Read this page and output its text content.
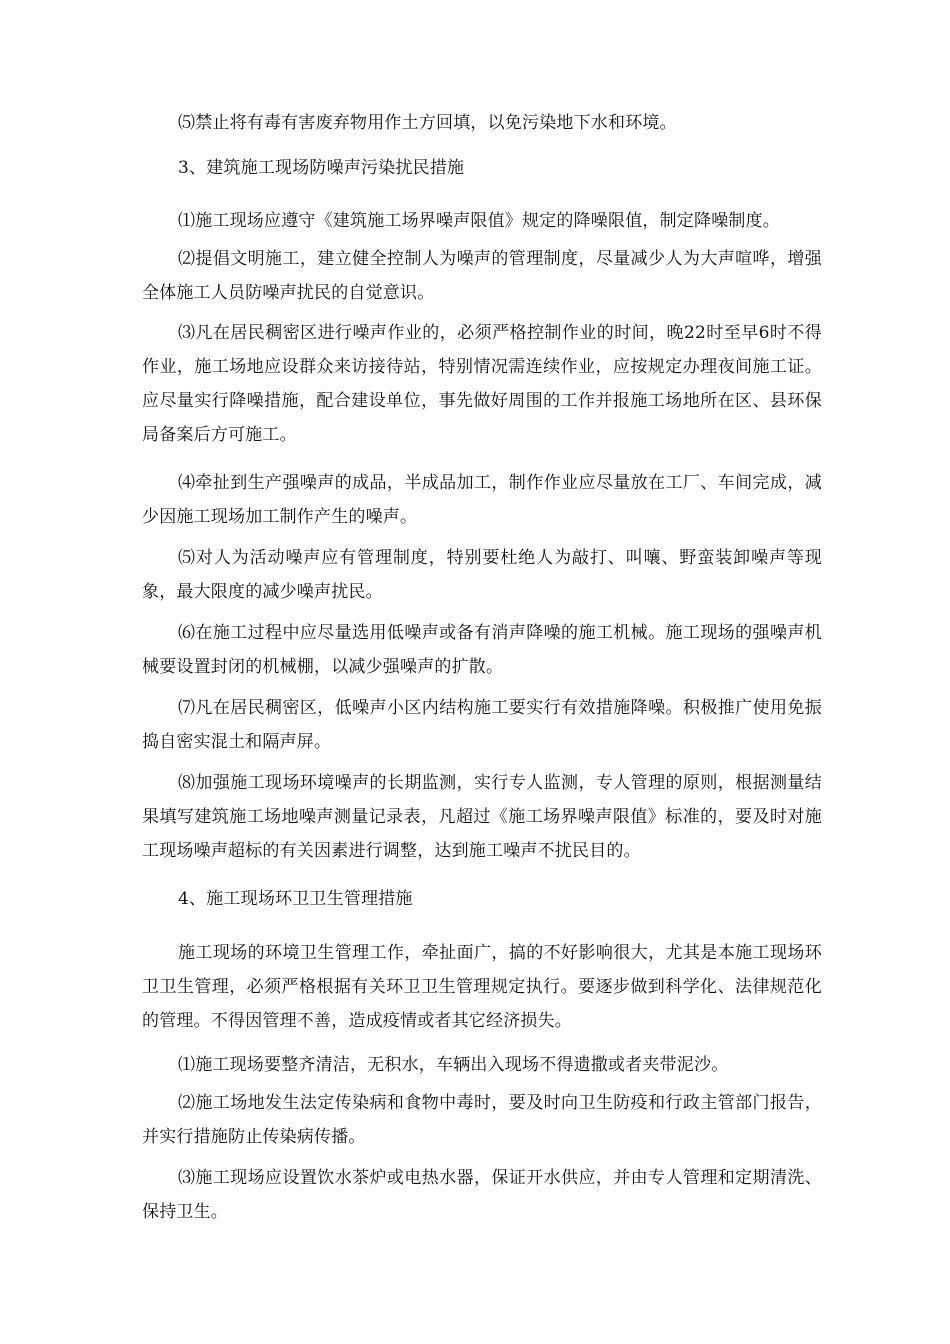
⑸禁止将有毒有害废弃物用作土方回填，以免污染地下水和环境。

3、建筑施工现场防噪声污染扰民措施

⑴施工现场应遵守《建筑施工场界噪声限值》规定的降噪限值，制定降噪制度。

⑵提倡文明施工，建立健全控制人为噪声的管理制度，尽量减少人为大声喧哗，增强全体施工人员防噪声扰民的自觉意识。

⑶凡在居民稠密区进行噪声作业的，必须严格控制作业的时间，晚22时至早6时不得作业，施工场地应设群众来访接待站，特别情况需连续作业，应按规定办理夜间施工证。应尽量实行降噪措施，配合建设单位，事先做好周围的工作并报施工场地所在区、县环保局备案后方可施工。

⑷牵扯到生产强噪声的成品，半成品加工，制作作业应尽量放在工厂、车间完成，减少因施工现场加工制作产生的噪声。

⑸对人为活动噪声应有管理制度，特别要杜绝人为敲打、叫嚷、野蛮装卸噪声等现象，最大限度的减少噪声扰民。

⑹在施工过程中应尽量选用低噪声或备有消声降噪的施工机械。施工现场的强噪声机械要设置封闭的机械棚，以减少强噪声的扩散。

⑺凡在居民稠密区，低噪声小区内结构施工要实行有效措施降噪。积极推广使用免振捣自密实混土和隔声屏。

⑻加强施工现场环境噪声的长期监测，实行专人监测，专人管理的原则，根据测量结果填写建筑施工场地噪声测量记录表，凡超过《施工场界噪声限值》标准的，要及时对施工现场噪声超标的有关因素进行调整，达到施工噪声不扰民目的。

4、施工现场环卫卫生管理措施

施工现场的环境卫生管理工作，牵扯面广，搞的不好影响很大，尤其是本施工现场环卫卫生管理，必须严格根据有关环卫卫生管理规定执行。要逐步做到科学化、法律规范化的管理。不得因管理不善，造成疫情或者其它经济损失。

⑴施工现场要整齐清洁，无积水，车辆出入现场不得遗撒或者夹带泥沙。

⑵施工场地发生法定传染病和食物中毒时，要及时向卫生防疫和行政主管部门报告，并实行措施防止传染病传播。

⑶施工现场应设置饮水茶炉或电热水器，保证开水供应，并由专人管理和定期清洗、保持卫生。
